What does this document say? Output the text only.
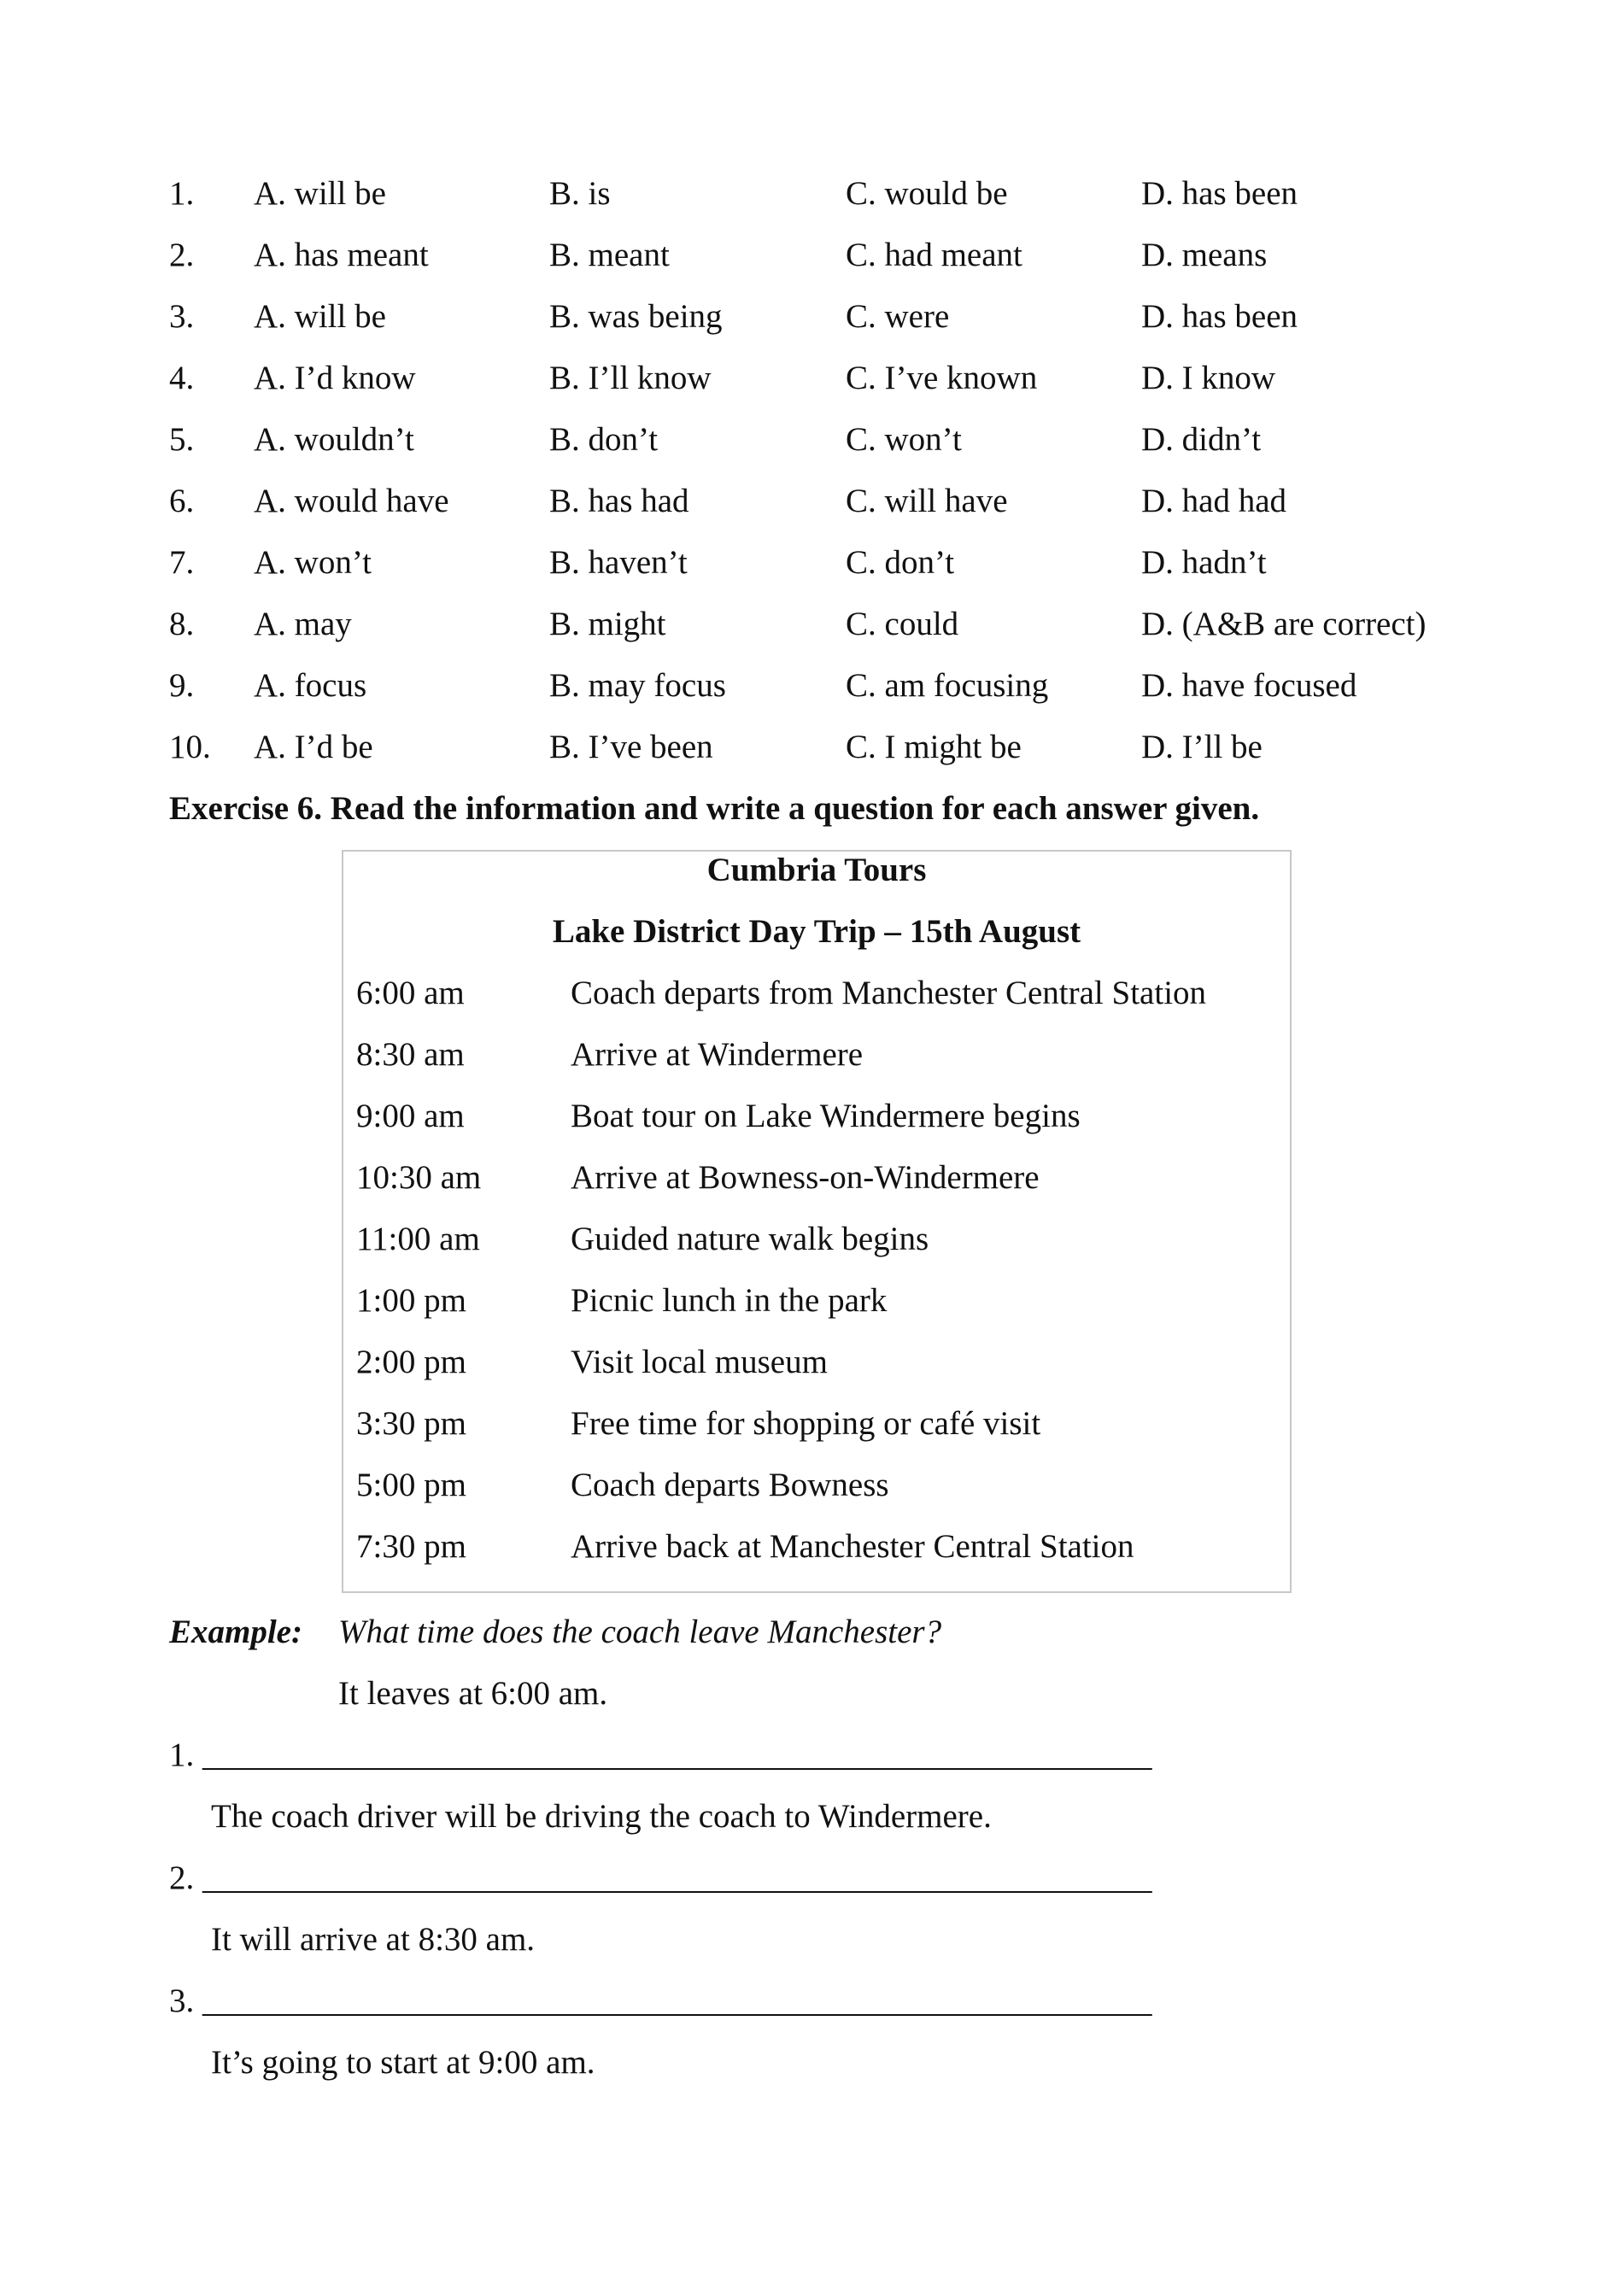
1. A. will be	B. is	C. would be	D. has been
2. A. has meant	B. meant	C. had meant	D. means
3. A. will be	B. was being	C. were	D. has been
4. A. I’d know	B. I’ll know	C. I’ve known	D. I know
5. A. wouldn’t	B. don’t	C. won’t	D. didn’t
6. A. would have	B. has had	C. will have	D. had had
7. A. won’t	B. haven’t	C. don’t	D. hadn’t
8. A. may	B. might	C. could	D. (A&B are correct)
9. A. focus	B. may focus	C. am focusing	D. have focused
10. A. I’d be	B. I’ve been	C. I might be	D. I’ll be
Exercise 6. Read the information and write a question for each answer given.
Cumbria Tours
Lake District Day Trip – 15th August
6:00 am	Coach departs from Manchester Central Station
8:30 am	Arrive at Windermere
9:00 am	Boat tour on Lake Windermere begins
10:30 am	Arrive at Bowness-on-Windermere
11:00 am	Guided nature walk begins
1:00 pm	Picnic lunch in the park
2:00 pm	Visit local museum
3:30 pm	Free time for shopping or café visit
5:00 pm	Coach departs Bowness
7:30 pm	Arrive back at Manchester Central Station
Example: What time does the coach leave Manchester?
It leaves at 6:00 am.
1. _________________________________________________________
The coach driver will be driving the coach to Windermere.
2. _________________________________________________________
It will arrive at 8:30 am.
3. _________________________________________________________
It’s going to start at 9:00 am.
